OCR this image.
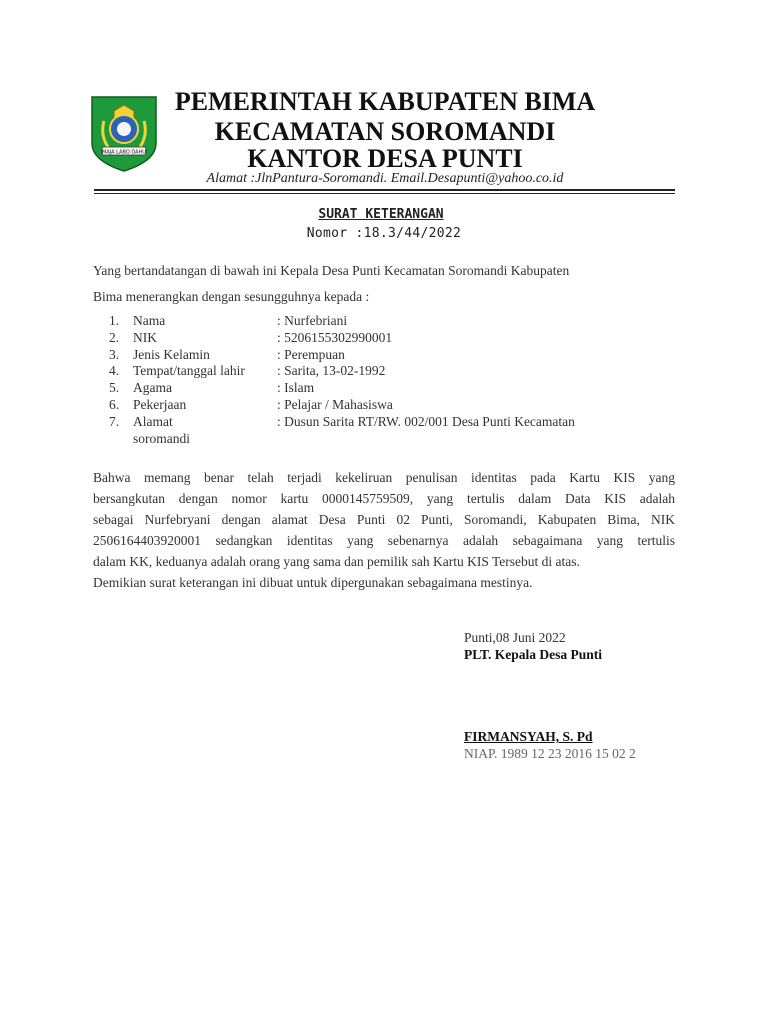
MAJA LABO DAHU
PEMERINTAH KABUPATEN BIMA
KECAMATAN SOROMANDI
KANTOR DESA PUNTI
Alamat :JlnPantura-Soromandi. Email.Desapunti@yahoo.co.id
SURAT KETERANGAN
Nomor :18.3/44/2022
Yang bertandatangan di bawah ini Kepala Desa Punti Kecamatan Soromandi Kabupaten
Bima menerangkan dengan sesungguhnya kepada :
1.	Nama	: Nurfebriani
2.	NIK	: 5206155302990001
3.	Jenis Kelamin	: Perempuan
4.	Tempat/tanggal lahir	: Sarita, 13-02-1992
5.	Agama	: Islam
6.	Pekerjaan	: Pelajar / Mahasiswa
7.	Alamat	: Dusun Sarita RT/RW. 002/001 Desa Punti Kecamatan
soromandi

Bahwa memang benar telah terjadi kekeliruan penulisan identitas pada Kartu KIS yang

bersangkutan dengan nomor kartu 0000145759509, yang tertulis dalam Data KIS adalah

sebagai Nurfebryani dengan alamat Desa Punti 02 Punti, Soromandi, Kabupaten Bima, NIK

2506164403920001 sedangkan identitas yang sebenarnya adalah sebagaimana yang tertulis

dalam KK, keduanya adalah orang yang sama dan pemilik sah Kartu KIS Tersebut di atas.

Demikian surat keterangan ini dibuat untuk dipergunakan sebagaimana mestinya.

Punti,08 Juni 2022
PLT. Kepala Desa Punti
FIRMANSYAH, S. Pd
NIAP. 1989 12 23 2016 15 02 2
